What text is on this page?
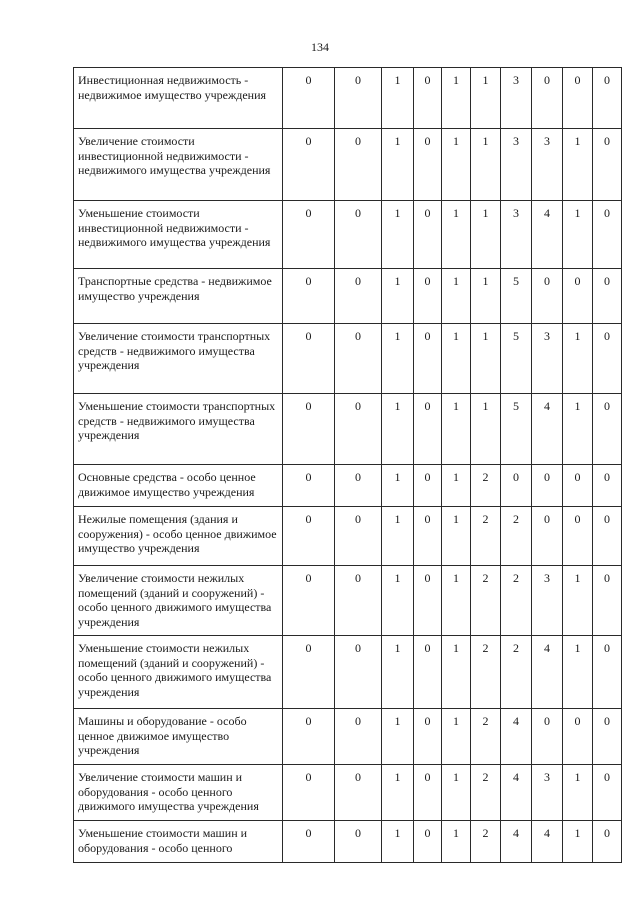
134
Инвестиционная недвижимость - недвижимое имущество учреждения	0	0	1	0	1	1	3	0	0	0
Увеличение стоимости инвестиционной недвижимости - недвижимого имущества учреждения	0	0	1	0	1	1	3	3	1	0
Уменьшение стоимости инвестиционной недвижимости - недвижимого имущества учреждения	0	0	1	0	1	1	3	4	1	0
Транспортные средства - недвижимое имущество учреждения	0	0	1	0	1	1	5	0	0	0
Увеличение стоимости транспортных средств - недвижимого имущества учреждения	0	0	1	0	1	1	5	3	1	0
Уменьшение стоимости транспортных средств - недвижимого имущества учреждения	0	0	1	0	1	1	5	4	1	0
Основные средства - особо ценное движимое имущество учреждения	0	0	1	0	1	2	0	0	0	0
Нежилые помещения (здания и сооружения) - особо ценное движимое имущество учреждения	0	0	1	0	1	2	2	0	0	0
Увеличение стоимости нежилых помещений (зданий и сооружений) - особо ценного движимого имущества учреждения	0	0	1	0	1	2	2	3	1	0
Уменьшение стоимости нежилых помещений (зданий и сооружений) - особо ценного движимого имущества учреждения	0	0	1	0	1	2	2	4	1	0
Машины и оборудование - особо ценное движимое имущество учреждения	0	0	1	0	1	2	4	0	0	0
Увеличение стоимости машин и оборудования - особо ценного движимого имущества учреждения	0	0	1	0	1	2	4	3	1	0
Уменьшение стоимости машин и оборудования - особо ценного	0	0	1	0	1	2	4	4	1	0
